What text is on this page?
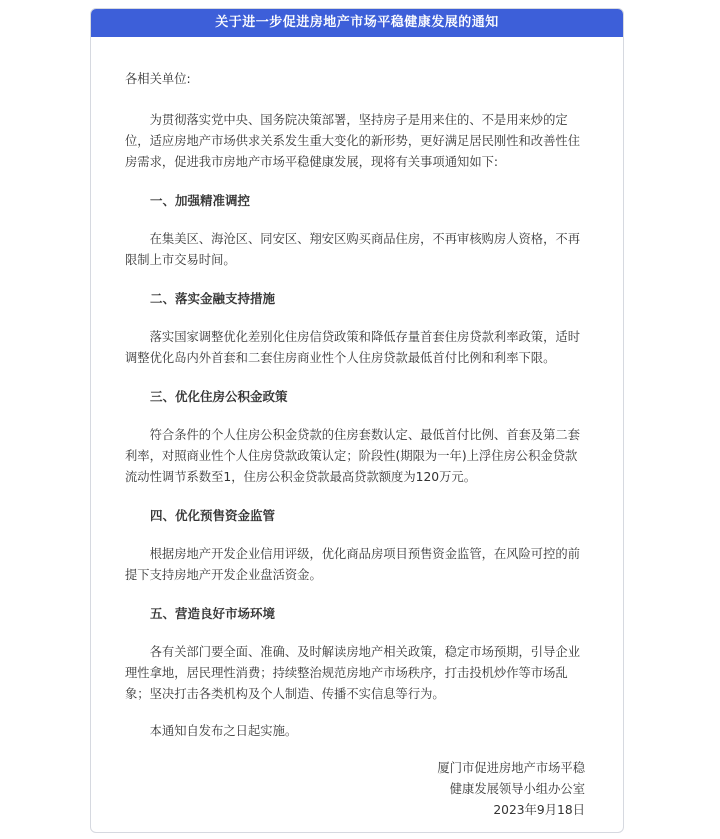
关于进一步促进房地产市场平稳健康发展的通知

各相关单位:

为贯彻落实党中央、国务院决策部署，坚持房子是用来住的、不是用来炒的定位，适应房地产市场供求关系发生重大变化的新形势，更好满足居民刚性和改善性住房需求，促进我市房地产市场平稳健康发展，现将有关事项通知如下:

一、加强精准调控

在集美区、海沧区、同安区、翔安区购买商品住房，不再审核购房人资格，不再限制上市交易时间。

二、落实金融支持措施

落实国家调整优化差别化住房信贷政策和降低存量首套住房贷款利率政策，适时调整优化岛内外首套和二套住房商业性个人住房贷款最低首付比例和利率下限。

三、优化住房公积金政策

符合条件的个人住房公积金贷款的住房套数认定、最低首付比例、首套及第二套利率，对照商业性个人住房贷款政策认定；阶段性(期限为一年)上浮住房公积金贷款流动性调节系数至1，住房公积金贷款最高贷款额度为120万元。

四、优化预售资金监管

根据房地产开发企业信用评级，优化商品房项目预售资金监管，在风险可控的前提下支持房地产开发企业盘活资金。

五、营造良好市场环境

各有关部门要全面、准确、及时解读房地产相关政策，稳定市场预期，引导企业理性拿地，居民理性消费；持续整治规范房地产市场秩序，打击投机炒作等市场乱象；坚决打击各类机构及个人制造、传播不实信息等行为。

本通知自发布之日起实施。

厦门市促进房地产市场平稳
健康发展领导小组办公室
2023年9月18日
